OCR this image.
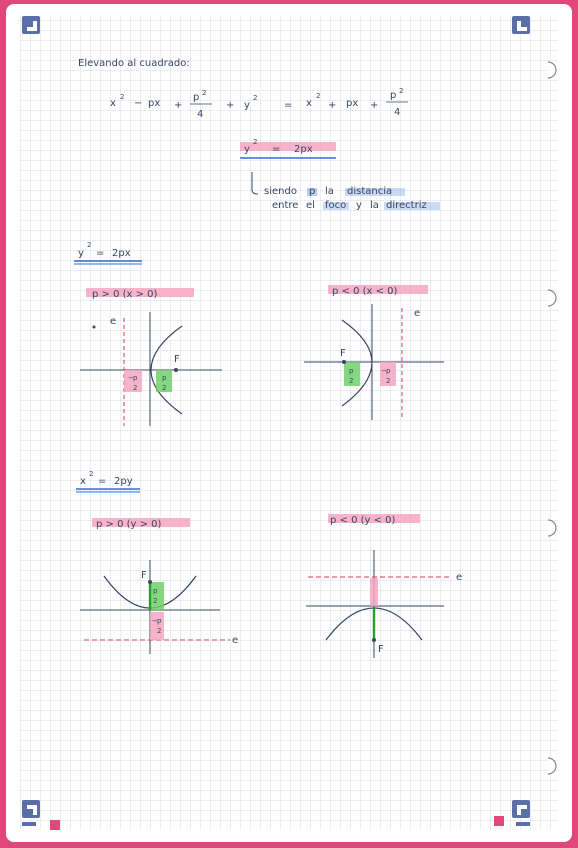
Elevando al cuadrado:
x
2
− px +
p 2
4
+ y
2
= x
2
+ px +
p 2
4
y
2
= 2px
siendo p la distancia
entre el foco y la directriz
y
2
= 2px
p > 0 (x > 0)
e
− p
2
p
2
F
p < 0 (x < 0)
e
p
2
− p
2
F
x
2
= 2py
p > 0 (y > 0)
e
p
2
− p
2
F
p < 0 (y < 0)
e
F
